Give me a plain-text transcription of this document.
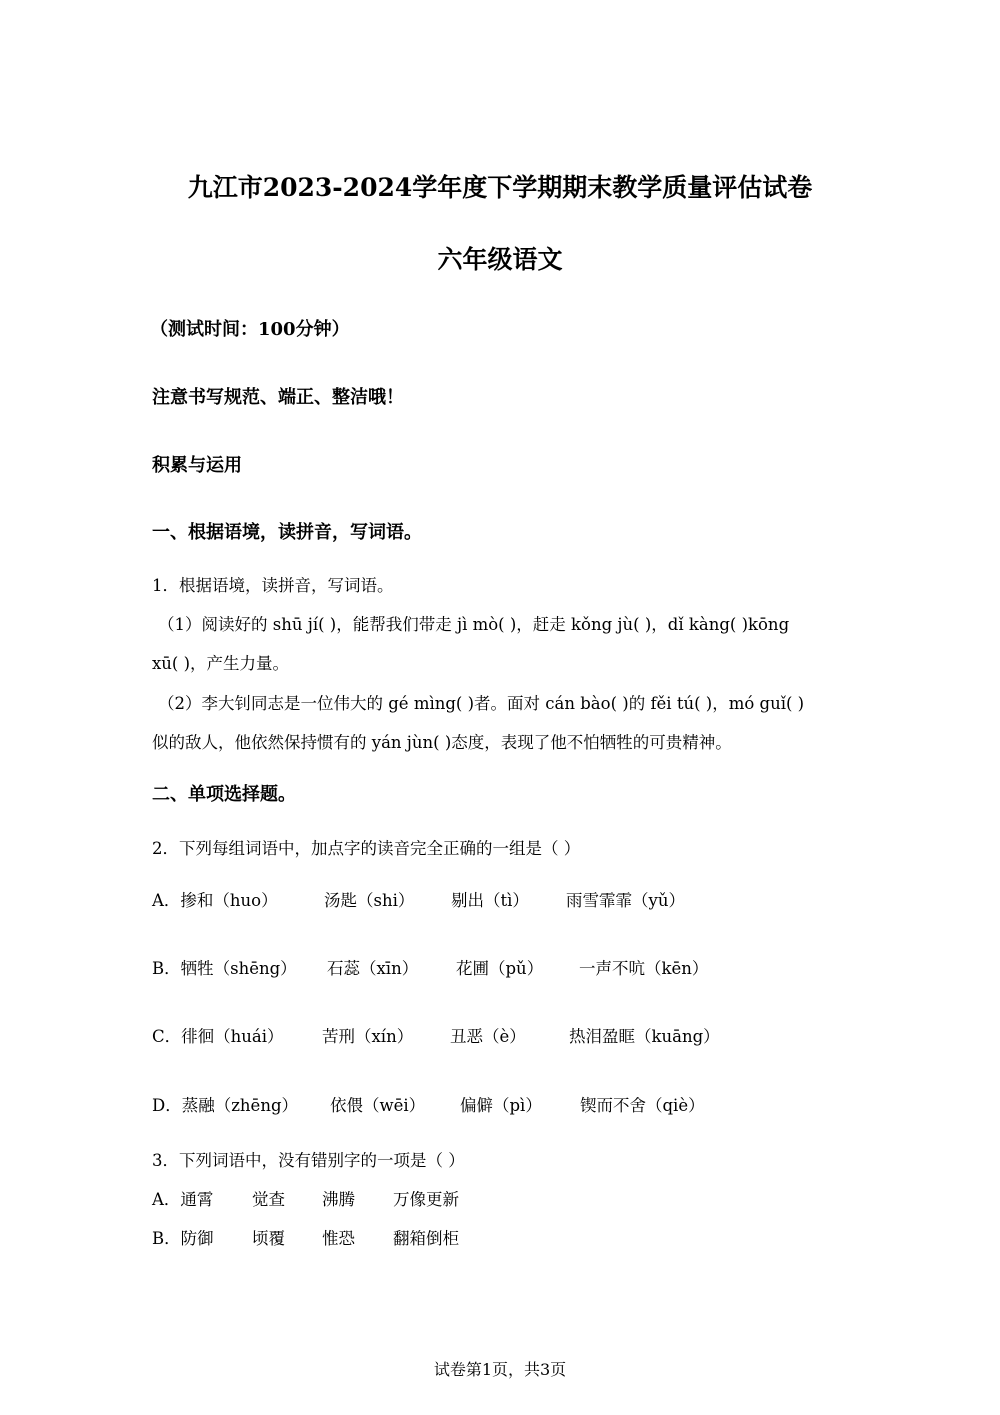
九江市2023-2024学年度下学期期末教学质量评估试卷
六年级语文
（测试时间：100分钟）
注意书写规范、端正、整洁哦！
积累与运用
一、根据语境，读拼音，写词语。
1．根据语境，读拼音，写词语。
（1）阅读好的 shū jí( )，能帮我们带走 jì mò( )，赶走 kǒng jù( )，dǐ kàng( )kōng
xū( )，产生力量。
（2）李大钊同志是一位伟大的 gé mìng( )者。面对 cán bào( )的 fěi tú( )，mó guǐ( )
似的敌人，他依然保持惯有的 yán jùn( )态度，表现了他不怕牺牲的可贵精神。
二、单项选择题。
2．下列每组词语中，加点字的读音完全正确的一组是（ ）
A．掺和（huo）	汤匙（shi） 剔出（tì） 雨雪霏霏（yǔ）
B．牺牲（shēng） 石蕊（xīn） 花圃（pǔ） 一声不吭（kēn）
C．徘徊（huái） 苦刑（xín） 丑恶（è）	热泪盈眶（kuāng）
D．蒸融（zhēng） 依偎（wēi） 偏僻（pì） 锲而不舍（qiè）
3．下列词语中，没有错别字的一项是（ ）
A．通霄 觉查 沸腾 万像更新
B．防御 顷覆 惟恐 翻箱倒柜
试卷第1页，共3页
